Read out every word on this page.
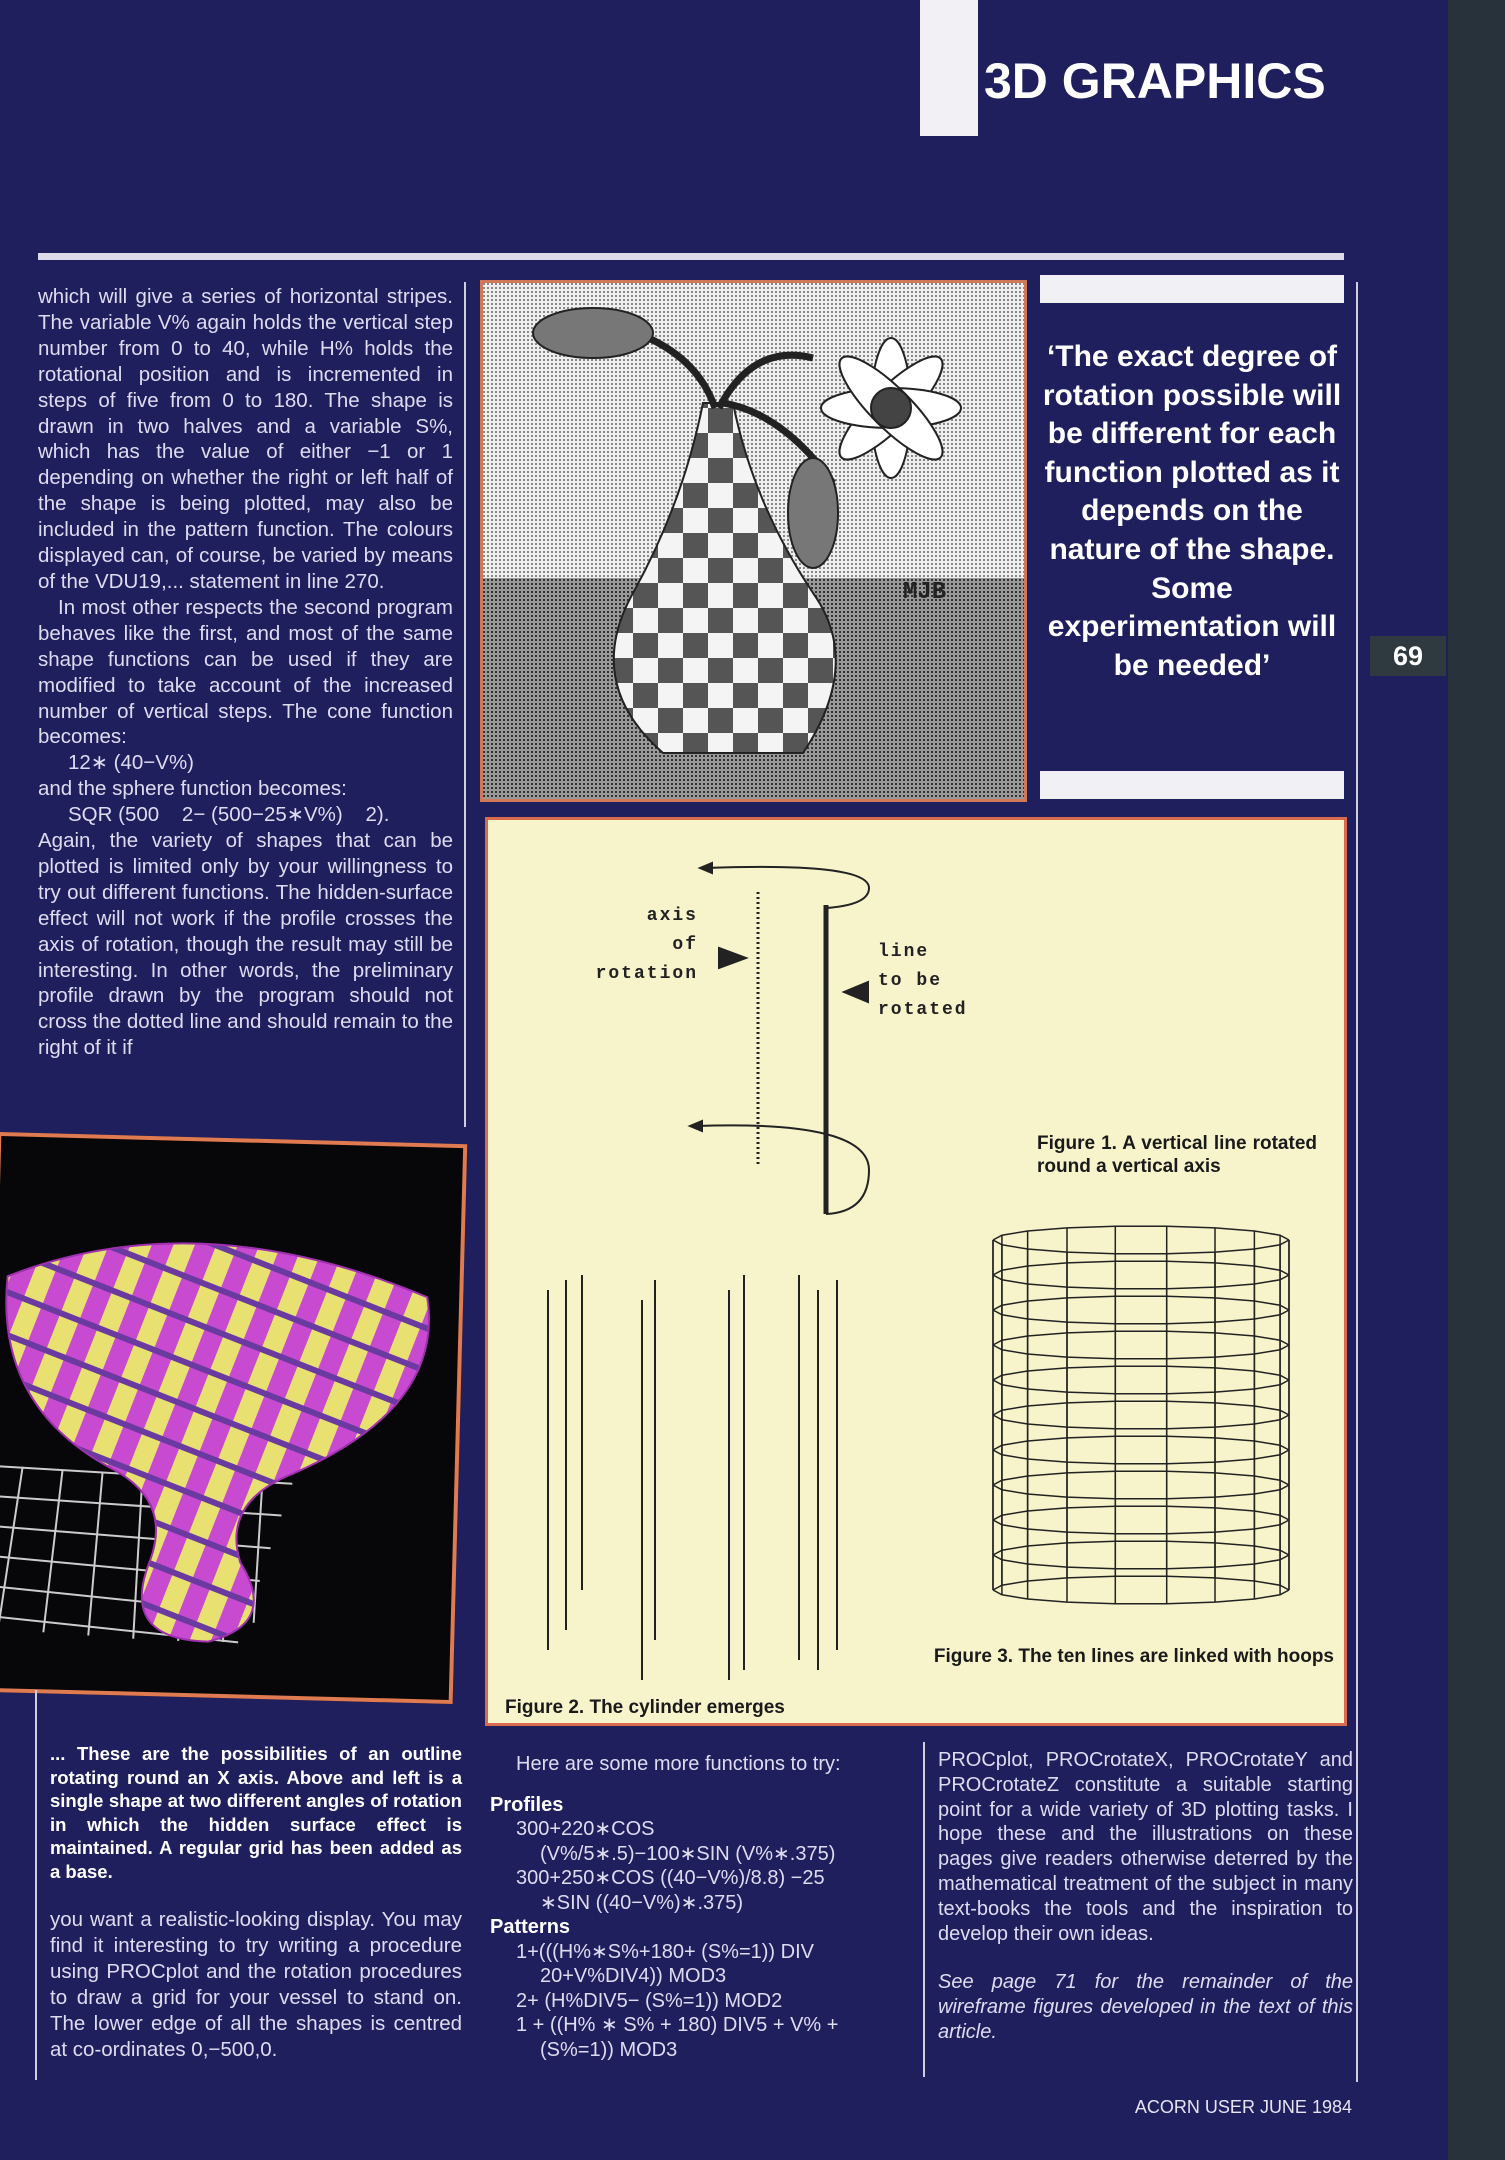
3D GRAPHICS

which will give a series of horizontal stripes. The variable V% again holds the vertical step number from 0 to 40, while H% holds the rotational position and is incremented in steps of five from 0 to 180. The shape is drawn in two halves and a variable S%, which has the value of either −1 or 1 depending on whether the right or left half of the shape is being plotted, may also be included in the pattern function. The colours displayed can, of course, be varied by means of the VDU19,... statement in line 270.

In most other respects the second program behaves like the first, and most of the same shape functions can be used if they are modified to take account of the increased number of vertical steps. The cone function becomes:

12∗ (40−V%)

and the sphere function becomes:

SQR (500    2− (500−25∗V%)    2).

Again, the variety of shapes that can be plotted is limited only by your willingness to try out different functions. The hidden-surface effect will not work if the profile crosses the axis of rotation, though the result may still be interesting. In other words, the preliminary profile drawn by the program should not cross the dotted line and should remain to the right of it if

MJB
‘The exact degree of rotation possible will be different for each function plotted as it depends on the nature of the shape. Some experimentation will be needed’	69
axis
of
rotation
line
to be
rotated
Figure 1. A vertical line rotated round a vertical axis
Figure 2. The cylinder emerges
Figure 3. The ten lines are linked with hoops

... These are the possibilities of an outline rotating round an X axis. Above and left is a single shape at two different angles of rotation in which the hidden surface effect is maintained. A regular grid has been added as a base.

you want a realistic-looking display. You may find it interesting to try writing a procedure using PROCplot and the rotation procedures to draw a grid for your vessel to stand on. The lower edge of all the shapes is centred at co-ordinates 0,−500,0.

Here are some more functions to try:

Profiles

300+220∗COS

(V%/5∗.5)−100∗SIN (V%∗.375)

300+250∗COS ((40−V%)/8.8) −25

∗SIN ((40−V%)∗.375)

Patterns

1+(((H%∗S%+180+ (S%=1)) DIV

20+V%DIV4)) MOD3

2+ (H%DIV5− (S%=1)) MOD2

1 + ((H% ∗ S% + 180) DIV5 + V% +

(S%=1)) MOD3

PROCplot, PROCrotateX, PROCrotateY and PROCrotateZ constitute a suitable starting point for a wide variety of 3D plotting tasks. I hope these and the illustrations on these pages give readers otherwise deterred by the mathematical treatment of the subject in many text-books the tools and the inspiration to develop their own ideas.

See page 71 for the remainder of the wireframe figures developed in the text of this article.

ACORN USER JUNE 1984
